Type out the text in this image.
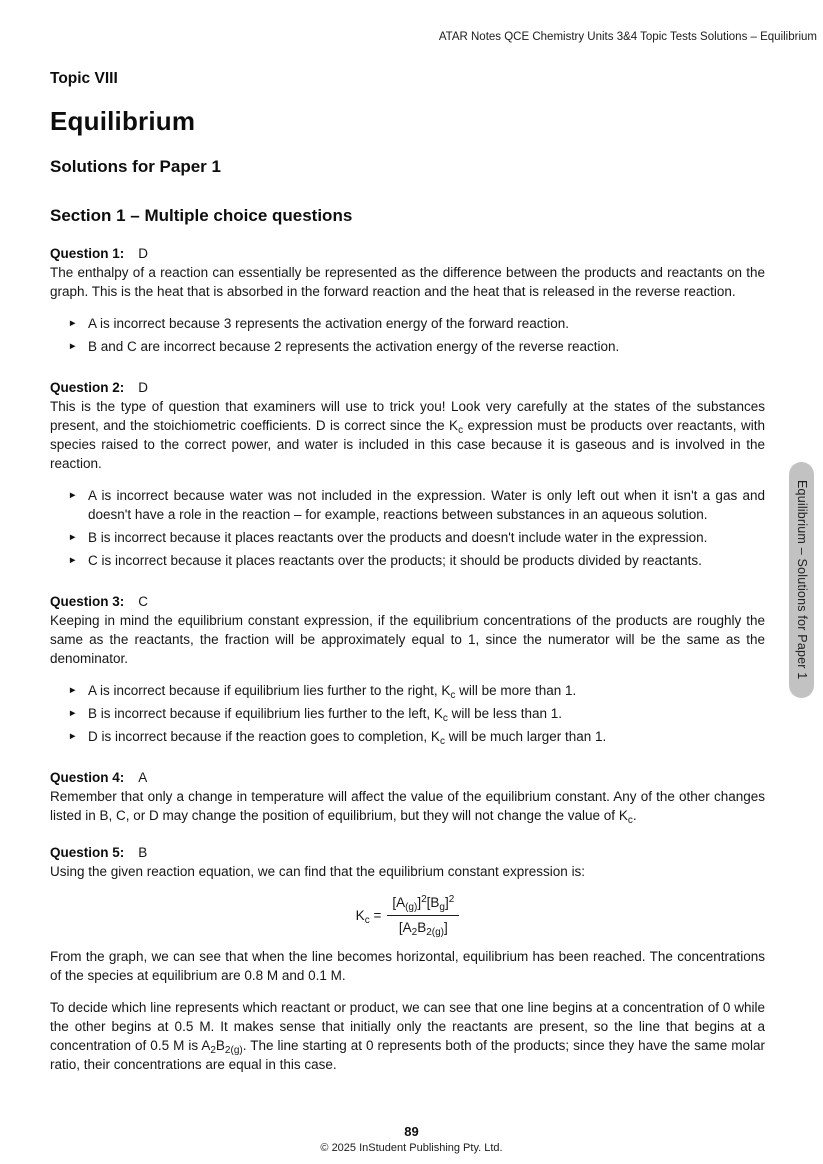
ATAR Notes QCE Chemistry Units 3&4 Topic Tests Solutions – Equilibrium
Topic VIII
Equilibrium
Solutions for Paper 1
Section 1 – Multiple choice questions
Question 1: D

The enthalpy of a reaction can essentially be represented as the difference between the products and reactants on the graph. This is the heat that is absorbed in the forward reaction and the heat that is released in the reverse reaction.

► A is incorrect because 3 represents the activation energy of the forward reaction.
► B and C are incorrect because 2 represents the activation energy of the reverse reaction.
Question 2: D

This is the type of question that examiners will use to trick you! Look very carefully at the states of the substances present, and the stoichiometric coefficients. D is correct since the $K_c$ expression must be products over reactants, with species raised to the correct power, and water is included in this case because it is gaseous and is involved in the reaction.

► A is incorrect because water was not included in the expression. Water is only left out when it isn't a gas and doesn't have a role in the reaction – for example, reactions between substances in an aqueous solution.
► B is incorrect because it places reactants over the products and doesn't include water in the expression.
► C is incorrect because it places reactants over the products; it should be products divided by reactants.
Question 3: C

Keeping in mind the equilibrium constant expression, if the equilibrium concentrations of the products are roughly the same as the reactants, the fraction will be approximately equal to 1, since the numerator will be the same as the denominator.

► A is incorrect because if equilibrium lies further to the right, $K_c$ will be more than 1.
► B is incorrect because if equilibrium lies further to the left, $K_c$ will be less than 1.
► D is incorrect because if the reaction goes to completion, $K_c$ will be much larger than 1.
Question 4: A

Remember that only a change in temperature will affect the value of the equilibrium constant. Any of the other changes listed in B, C, or D may change the position of equilibrium, but they will not change the value of $K_c$.

Question 5: B

Using the given reaction equation, we can find that the equilibrium constant expression is:

$K_c = \frac{[A_{(g)}]^2[B_g]^2}{[A_2B_{2(g)}]}$

From the graph, we can see that when the line becomes horizontal, equilibrium has been reached. The concentrations of the species at equilibrium are 0.8 M and 0.1 M.

To decide which line represents which reactant or product, we can see that one line begins at a concentration of 0 while the other begins at 0.5 M. It makes sense that initially only the reactants are present, so the line that begins at a concentration of 0.5 M is $A_2B_{2(g)}$. The line starting at 0 represents both of the products; since they have the same molar ratio, their concentrations are equal in this case.

Equilibrium – Solutions for Paper 1
89
© 2025 InStudent Publishing Pty. Ltd.
